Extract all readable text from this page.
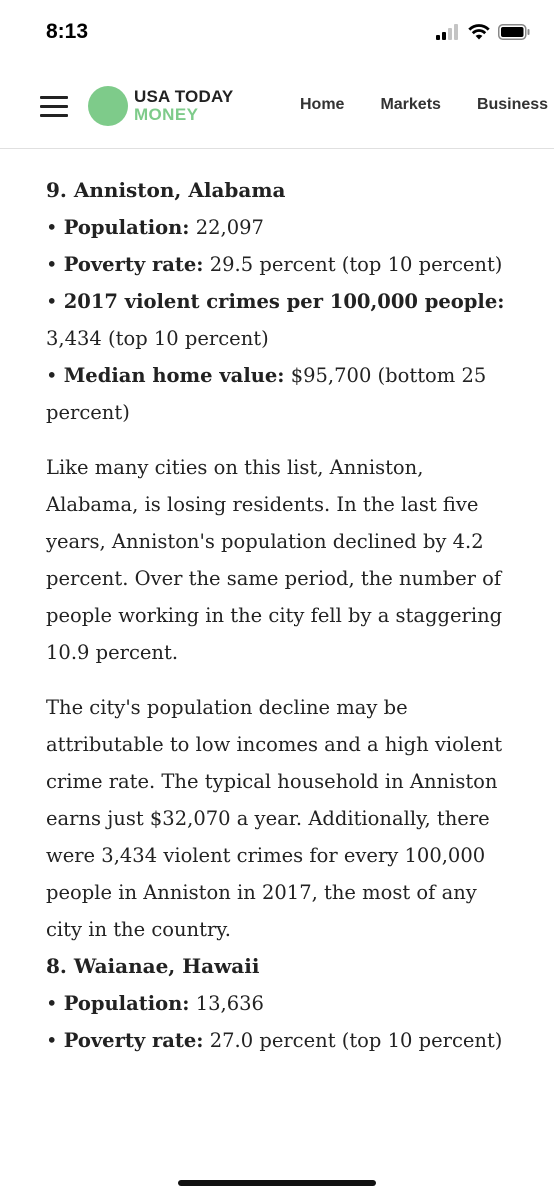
8:13
USA TODAY
MONEY
Home Markets Business
9. Anniston, Alabama

• Population: 22,097

• Poverty rate: 29.5 percent (top 10 percent)

• 2017 violent crimes per 100,000 people: 3,434 (top 10 percent)

• Median home value: $95,700 (bottom 25 percent)

Like many cities on this list, Anniston, Alabama, is losing residents. In the last five years, Anniston's population declined by 4.2 percent. Over the same period, the number of people working in the city fell by a staggering 10.9 percent.

The city's population decline may be attributable to low incomes and a high violent crime rate. The typical household in Anniston earns just $32,070 a year. Additionally, there were 3,434 violent crimes for every 100,000 people in Anniston in 2017, the most of any city in the country.

8. Waianae, Hawaii

• Population: 13,636

• Poverty rate: 27.0 percent (top 10 percent)
